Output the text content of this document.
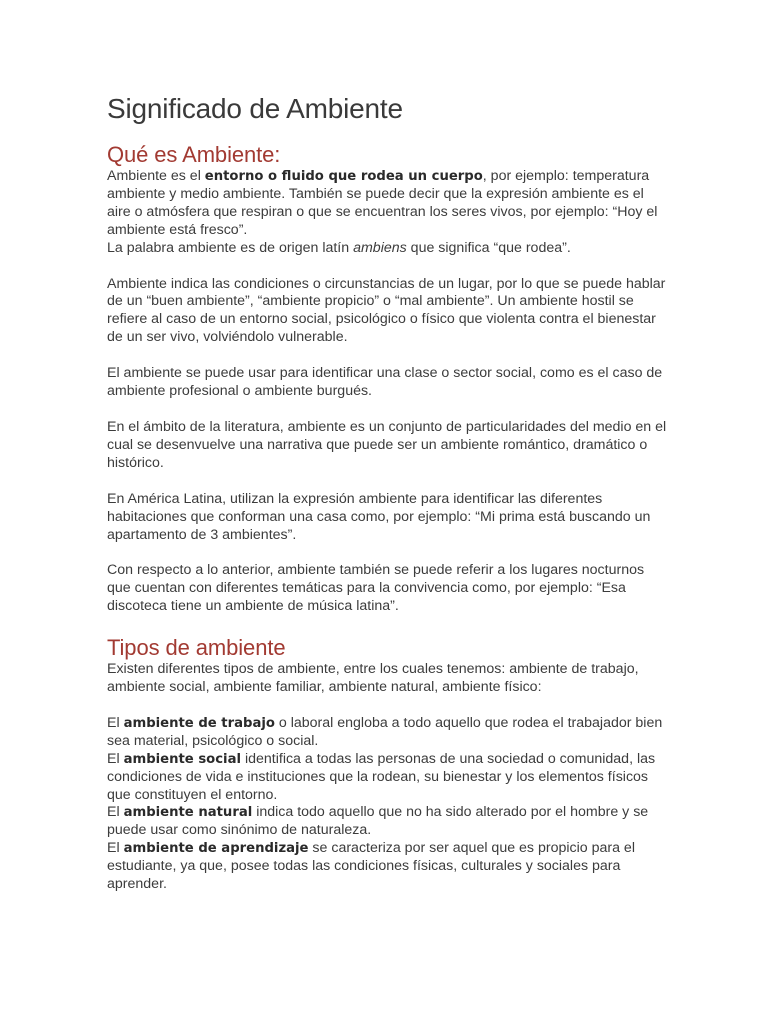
Significado de Ambiente
Qué es Ambiente:

Ambiente es el entorno o fluido que rodea un cuerpo, por ejemplo: temperatura ambiente y medio ambiente. También se puede decir que la expresión ambiente es el aire o atmósfera que respiran o que se encuentran los seres vivos, por ejemplo: “Hoy el ambiente está fresco”.

La palabra ambiente es de origen latín ambiens que significa “que rodea”.

Ambiente indica las condiciones o circunstancias de un lugar, por lo que se puede hablar de un “buen ambiente”, “ambiente propicio” o “mal ambiente”. Un ambiente hostil se refiere al caso de un entorno social, psicológico o físico que violenta contra el bienestar de un ser vivo, volviéndolo vulnerable.

El ambiente se puede usar para identificar una clase o sector social, como es el caso de ambiente profesional o ambiente burgués.

En el ámbito de la literatura, ambiente es un conjunto de particularidades del medio en el cual se desenvuelve una narrativa que puede ser un ambiente romántico, dramático o histórico.

En América Latina, utilizan la expresión ambiente para identificar las diferentes habitaciones que conforman una casa como, por ejemplo: “Mi prima está buscando un apartamento de 3 ambientes”.

Con respecto a lo anterior, ambiente también se puede referir a los lugares nocturnos que cuentan con diferentes temáticas para la convivencia como, por ejemplo: “Esa discoteca tiene un ambiente de música latina”.

Tipos de ambiente

Existen diferentes tipos de ambiente, entre los cuales tenemos: ambiente de trabajo, ambiente social, ambiente familiar, ambiente natural, ambiente físico:

El ambiente de trabajo o laboral engloba a todo aquello que rodea el trabajador bien sea material, psicológico o social.

El ambiente social identifica a todas las personas de una sociedad o comunidad, las condiciones de vida e instituciones que la rodean, su bienestar y los elementos físicos que constituyen el entorno.

El ambiente natural indica todo aquello que no ha sido alterado por el hombre y se puede usar como sinónimo de naturaleza.

El ambiente de aprendizaje se caracteriza por ser aquel que es propicio para el estudiante, ya que, posee todas las condiciones físicas, culturales y sociales para aprender.
